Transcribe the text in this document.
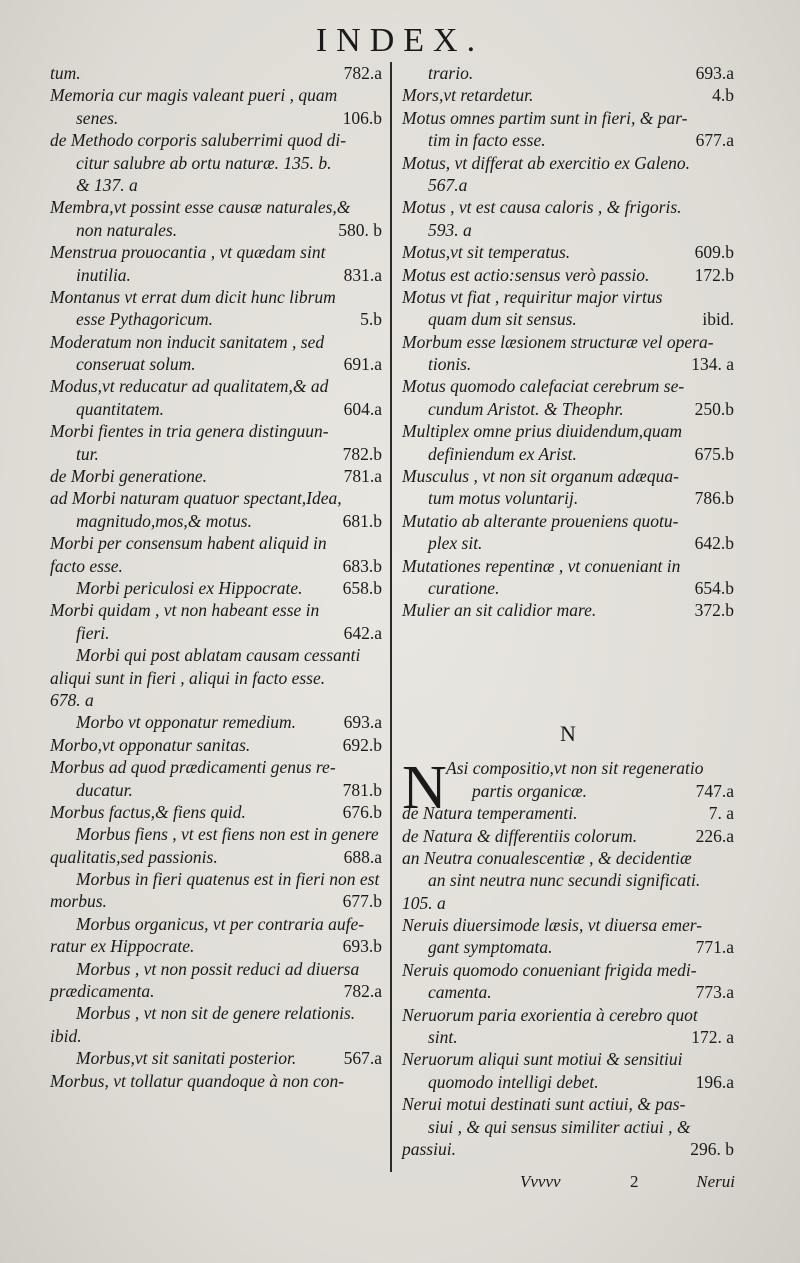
INDEX.
tum.	782.a
Memoria cur magis valeant pueri , quam
senes.	106.b
de Methodo corporis saluberrimi quod di-
citur salubre ab ortu naturæ. 135. b.
& 137. a
Membra,vt possint esse causæ naturales,&
non naturales.	580. b
Menstrua prouocantia , vt quædam sint
inutilia.	831.a
Montanus vt errat dum dicit hunc librum
esse Pythagoricum.	5.b
Moderatum non inducit sanitatem , sed
conseruat solum.	691.a
Modus,vt reducatur ad qualitatem,& ad
quantitatem.	604.a
Morbi fientes in tria genera distinguun-
tur.	782.b
de Morbi generatione.	781.a
ad Morbi naturam quatuor spectant,Idea,
magnitudo,mos,& motus.	681.b
Morbi per consensum habent aliquid in
facto esse.	683.b
Morbi periculosi ex Hippocrate. 658.b
Morbi quidam , vt non habeant esse in
fieri.	642.a
Morbi qui post ablatam causam cessanti
aliqui sunt in fieri , aliqui in facto esse.
678. a
Morbo vt opponatur remedium.	693.a
Morbo,vt opponatur sanitas.	692.b
Morbus ad quod prædicamenti genus re-
ducatur.	781.b
Morbus factus,& fiens quid.	676.b
Morbus fiens , vt est fiens non est in genere
qualitatis,sed passionis.	688.a
Morbus in fieri quatenus est in fieri non est
morbus.	677.b
Morbus organicus, vt per contraria aufe-
ratur ex Hippocrate.	693.b
Morbus , vt non possit reduci ad diuersa
prædicamenta.	782.a
Morbus , vt non sit de genere relationis.
ibid.
Morbus,vt sit sanitati posterior.	567.a
Morbus, vt tollatur quandoque à non con-
trario.	693.a
Mors,vt retardetur.	4.b
Motus omnes partim sunt in fieri, & par-
tim in facto esse.	677.a
Motus, vt differat ab exercitio ex Galeno.
567.a
Motus , vt est causa caloris , & frigoris.
593. a
Motus,vt sit temperatus.	609.b
Motus est actio:sensus verò passio.	172.b
Motus vt fiat , requiritur major virtus
quam dum sit sensus.	ibid.
Morbum esse læsionem structuræ vel opera-
tionis.	134. a
Motus quomodo calefaciat cerebrum se-
cundum Aristot. & Theophr.	250.b
Multiplex omne prius diuidendum,quam
definiendum ex Arist.	675.b
Musculus , vt non sit organum adæqua-
tum motus voluntarij.	786.b
Mutatio ab alterante proueniens quotu-
plex sit.	642.b
Mutationes repentinæ , vt conueniant in
curatione.	654.b
Mulier an sit calidior mare.	372.b
N
N Asi compositio,vt non sit regeneratio
partis organicæ.	747.a
de Natura temperamenti.	7. a
de Natura & differentiis colorum.	226.a
an Neutra conualescentiæ , & decidentiæ
an sint neutra nunc secundi significati.
105. a
Neruis diuersimode læsis, vt diuersa emer-
gant symptomata.	771.a
Neruis quomodo conueniant frigida medi-
camenta.	773.a
Neruorum paria exorientia à cerebro quot
sint.	172. a
Neruorum aliqui sunt motiui & sensitiui
quomodo intelligi debet.	196.a
Nerui motui destinati sunt actiui, & pas-
siui , & qui sensus similiter actiui , &
passiui.	296. b
Vvvvv	2	Nerui
